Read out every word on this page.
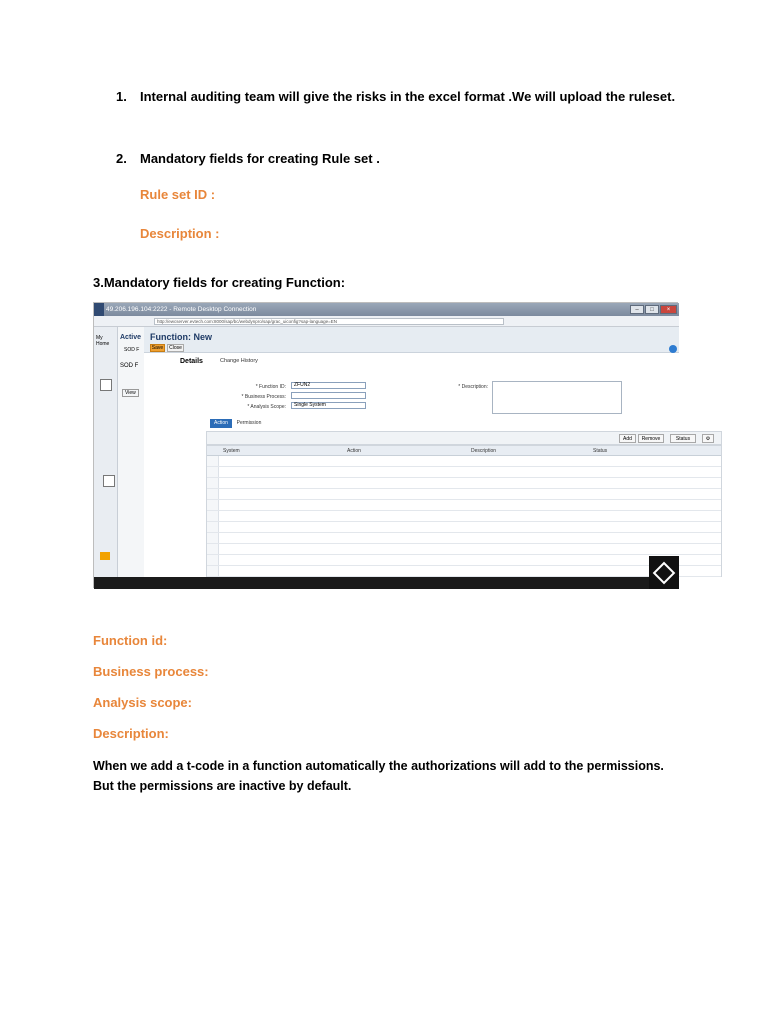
1. Internal auditing team will give the risks in the excel format .We will upload the ruleset.
2. Mandatory fields for creating Rule set .
Rule set ID :
Description :
3.Mandatory fields for creating Function:
49.206.196.104:2222 - Remote Desktop Connection	–	□	×
http://ewcserver.evtech.com:8000/sap/bc/webdynpro/sap/grac_uiconfig?sap-language=EN
My Home
Active
SOD F
SOD F
View
Function: New
Save	Close
Details	Change History
* Function ID:	ZFUN2
* Business Process:
* Analysis Scope:	Single System
* Description:
Action	Permission
Add	Remove	Status	⚙
System	Action	Description	Status
Function id:
Business process:
Analysis scope:
Description:
When we add a t-code in a function automatically the authorizations will add to the permissions. But the permissions are inactive by default.
